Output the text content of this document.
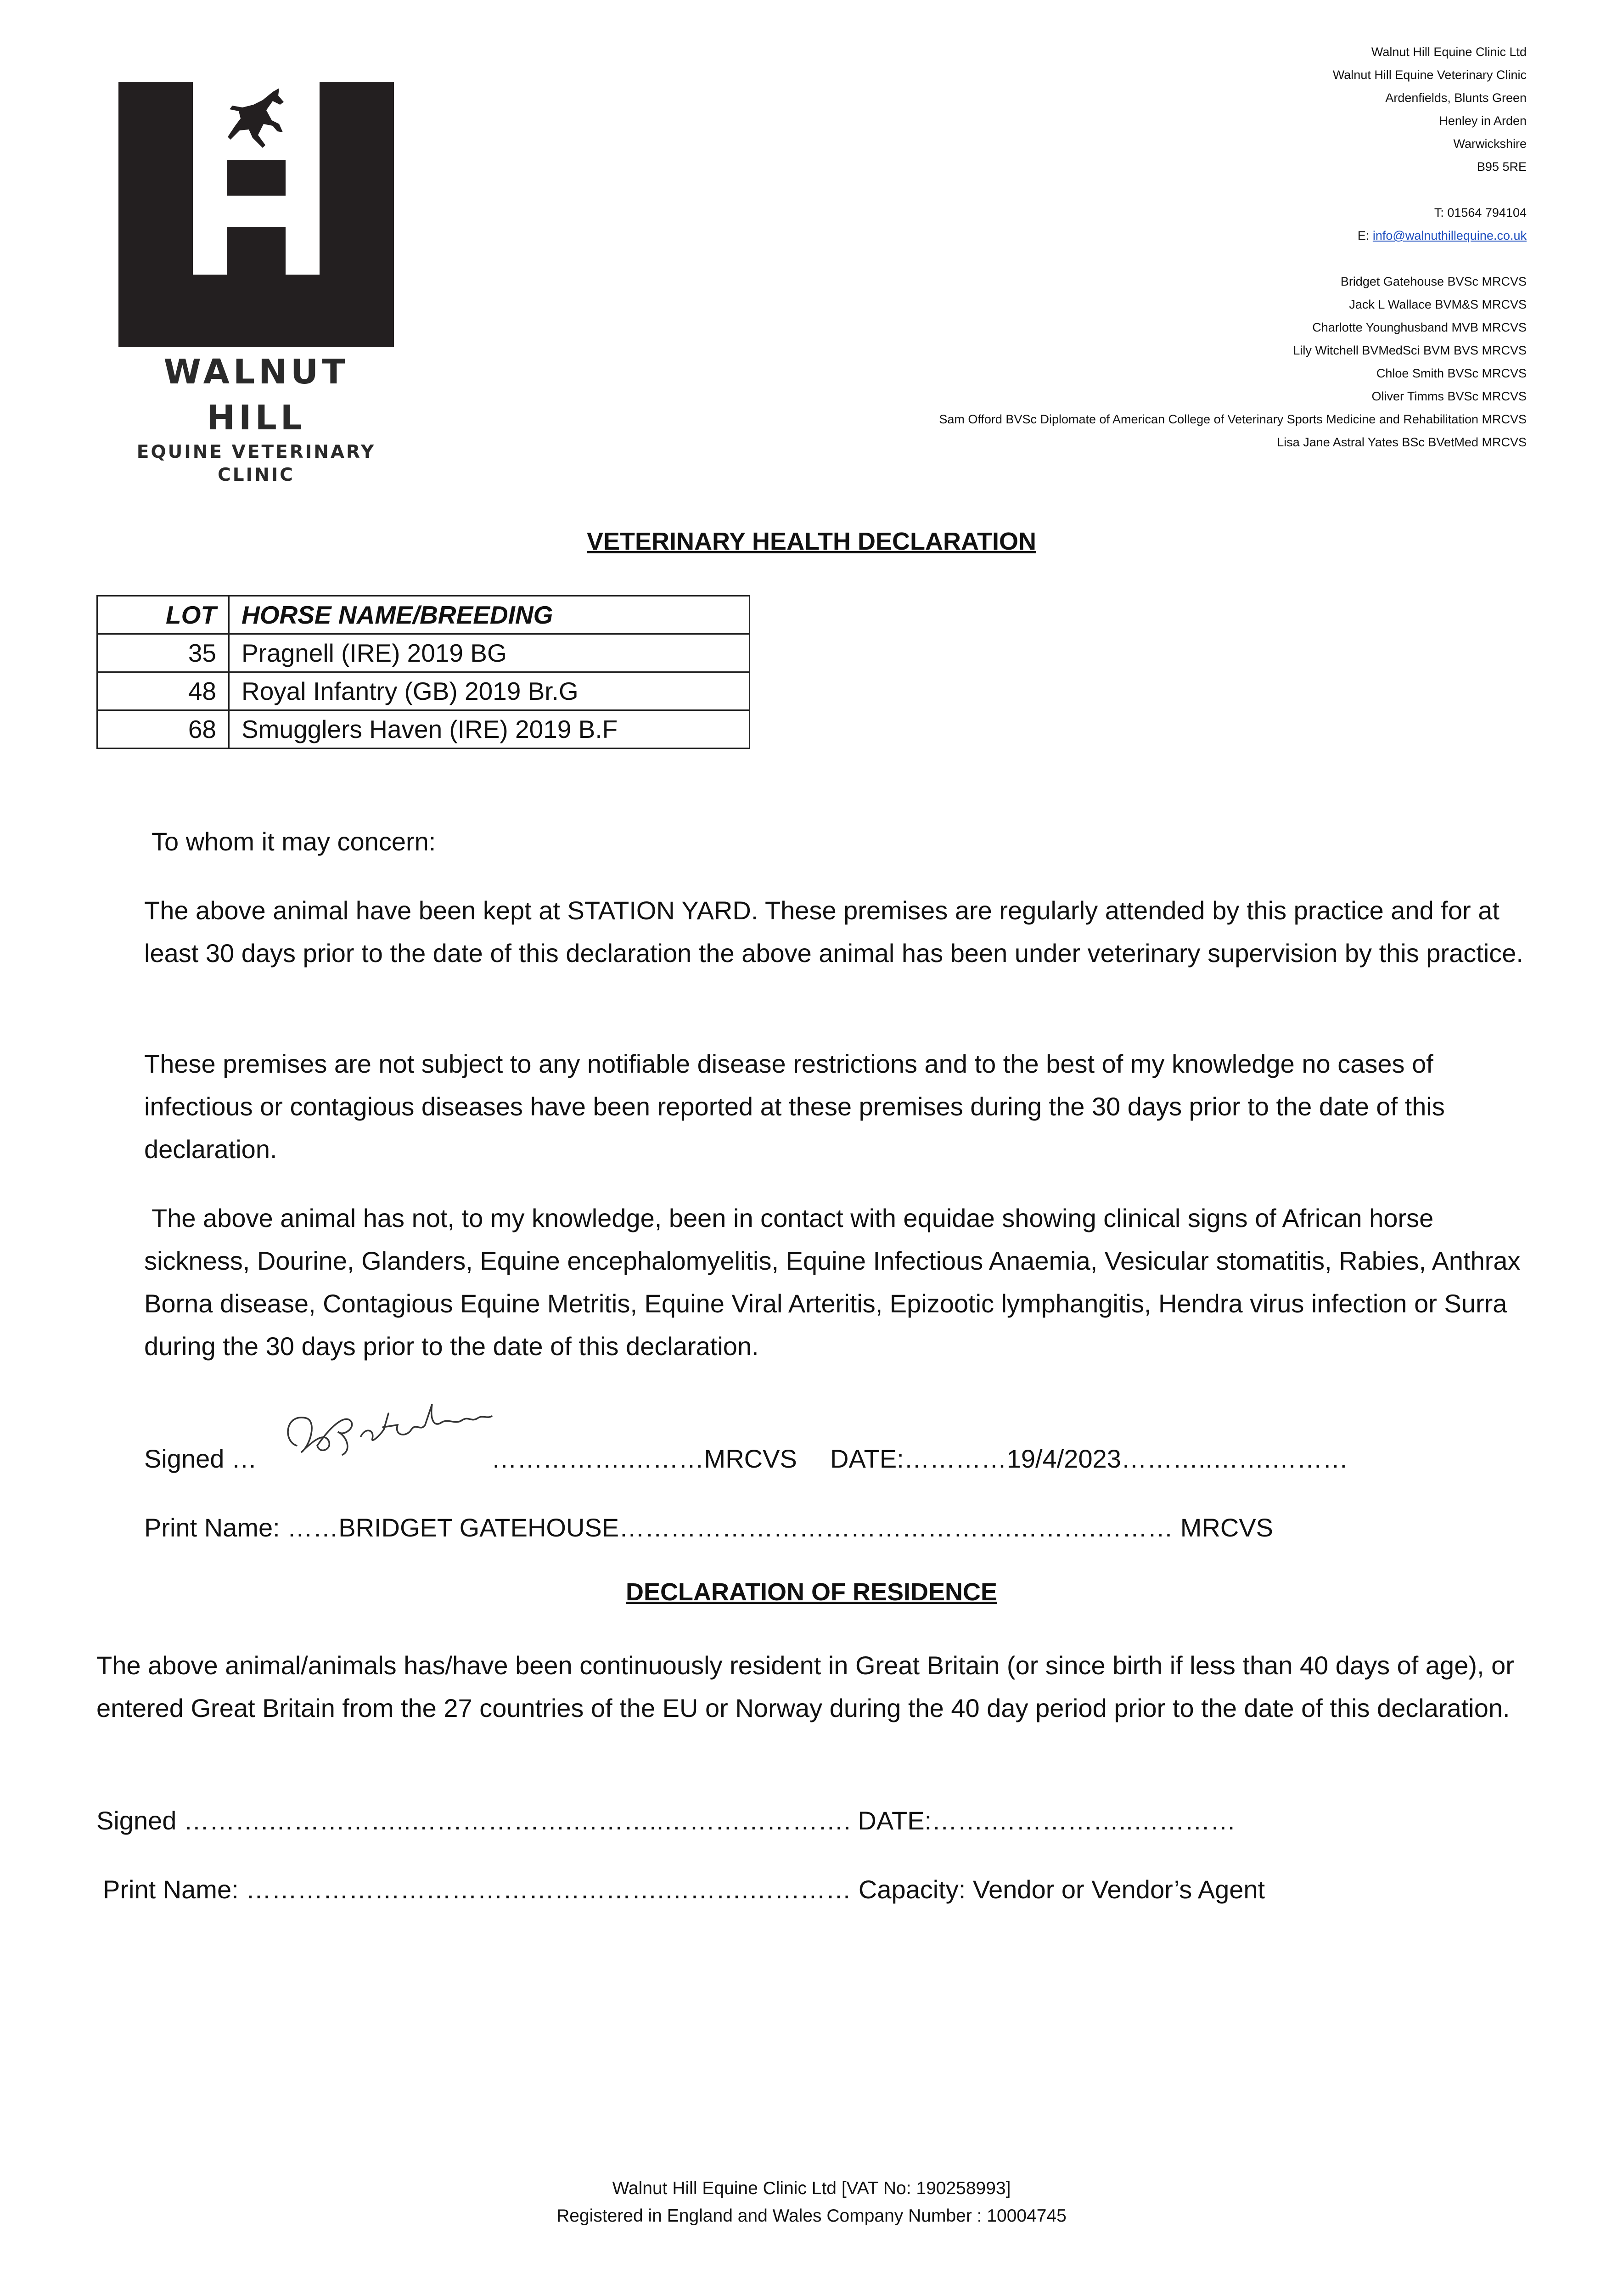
WALNUT HILL
EQUINE VETERINARY CLINIC
Walnut Hill Equine Clinic Ltd
Walnut Hill Equine Veterinary Clinic
Ardenfields, Blunts Green
Henley in Arden
Warwickshire
B95 5RE
T: 01564 794104
E: info@walnuthillequine.co.uk
Bridget Gatehouse BVSc MRCVS
Jack L Wallace BVM&S MRCVS
Charlotte Younghusband MVB MRCVS
Lily Witchell BVMedSci BVM BVS MRCVS
Chloe Smith BVSc MRCVS
Oliver Timms BVSc MRCVS
Sam Offord BVSc Diplomate of American College of Veterinary Sports Medicine and Rehabilitation MRCVS
Lisa Jane Astral Yates BSc BVetMed MRCVS
VETERINARY HEALTH DECLARATION
LOT	HORSE NAME/BREEDING
35	Pragnell (IRE) 2019 BG
48	Royal Infantry (GB) 2019 Br.G
68	Smugglers Haven (IRE) 2019 B.F
To whom it may concern:
The above animal have been kept at STATION YARD. These premises are regularly attended by this practice and for at least 30 days prior to the date of this declaration the above animal has been under veterinary supervision by this practice.
These premises are not subject to any notifiable disease restrictions and to the best of my knowledge no cases of infectious or contagious diseases have been reported at these premises during the 30 days prior to the date of this declaration.
The above animal has not, to my knowledge, been in contact with equidae showing clinical signs of African horse sickness, Dourine, Glanders, Equine encephalomyelitis, Equine Infectious Anaemia, Vesicular stomatitis, Rabies, Anthrax Borna disease, Contagious Equine Metritis, Equine Viral Arteritis, Epizootic lymphangitis, Hendra virus infection or Surra during the 30 days prior to the date of this declaration.
Signed …	…………….………MRCVS DATE:…………19/4/2023………..…….………
Print Name: ……BRIDGET GATEHOUSE……………………………………….……….……… MRCVS
DECLARATION OF RESIDENCE
The above animal/animals has/have been continuously resident in Great Britain (or since birth if less than 40 days of age), or entered Great Britain from the 27 countries of the EU or Norway during the 40 day period prior to the date of this declaration.
Signed ……….……………..……………….………..…………………. DATE:…….……………..…………
Print Name: ………………………………………….……….………… Capacity: Vendor or Vendor’s Agent
Walnut Hill Equine Clinic Ltd [VAT No: 190258993]
Registered in England and Wales Company Number : 10004745
